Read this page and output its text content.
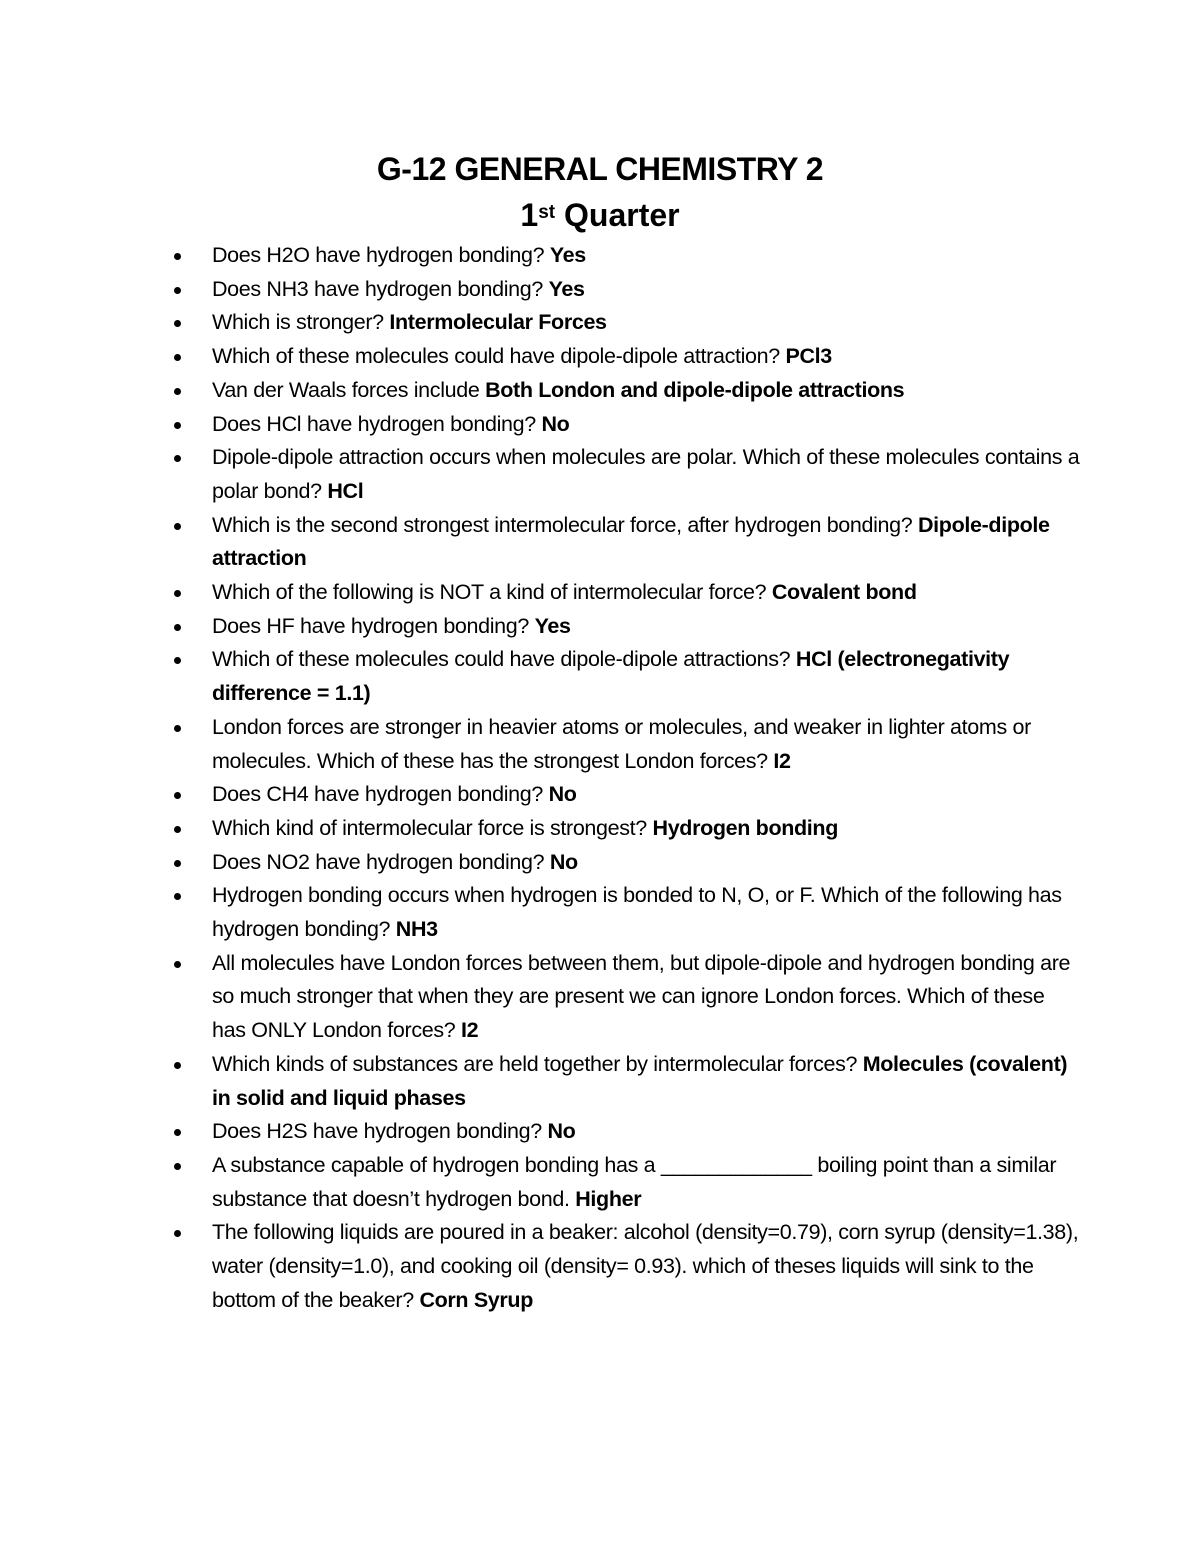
G-12 GENERAL CHEMISTRY 2
1st Quarter
Does H2O have hydrogen bonding? Yes
Does NH3 have hydrogen bonding? Yes
Which is stronger? Intermolecular Forces
Which of these molecules could have dipole-dipole attraction? PCl3
Van der Waals forces include Both London and dipole-dipole attractions
Does HCl have hydrogen bonding? No
Dipole-dipole attraction occurs when molecules are polar. Which of these molecules contains a polar bond? HCl
Which is the second strongest intermolecular force, after hydrogen bonding? Dipole-dipole attraction
Which of the following is NOT a kind of intermolecular force? Covalent bond
Does HF have hydrogen bonding? Yes
Which of these molecules could have dipole-dipole attractions? HCl (electronegativity difference = 1.1)
London forces are stronger in heavier atoms or molecules, and weaker in lighter atoms or molecules. Which of these has the strongest London forces? I2
Does CH4 have hydrogen bonding? No
Which kind of intermolecular force is strongest? Hydrogen bonding
Does NO2 have hydrogen bonding? No
Hydrogen bonding occurs when hydrogen is bonded to N, O, or F. Which of the following has hydrogen bonding? NH3
All molecules have London forces between them, but dipole-dipole and hydrogen bonding are so much stronger that when they are present we can ignore London forces. Which of these has ONLY London forces? I2
Which kinds of substances are held together by intermolecular forces? Molecules (covalent) in solid and liquid phases
Does H2S have hydrogen bonding? No
A substance capable of hydrogen bonding has a _____________ boiling point than a similar substance that doesn’t hydrogen bond. Higher
The following liquids are poured in a beaker: alcohol (density=0.79), corn syrup (density=1.38), water (density=1.0), and cooking oil (density= 0.93). which of theses liquids will sink to the bottom of the beaker? Corn Syrup
